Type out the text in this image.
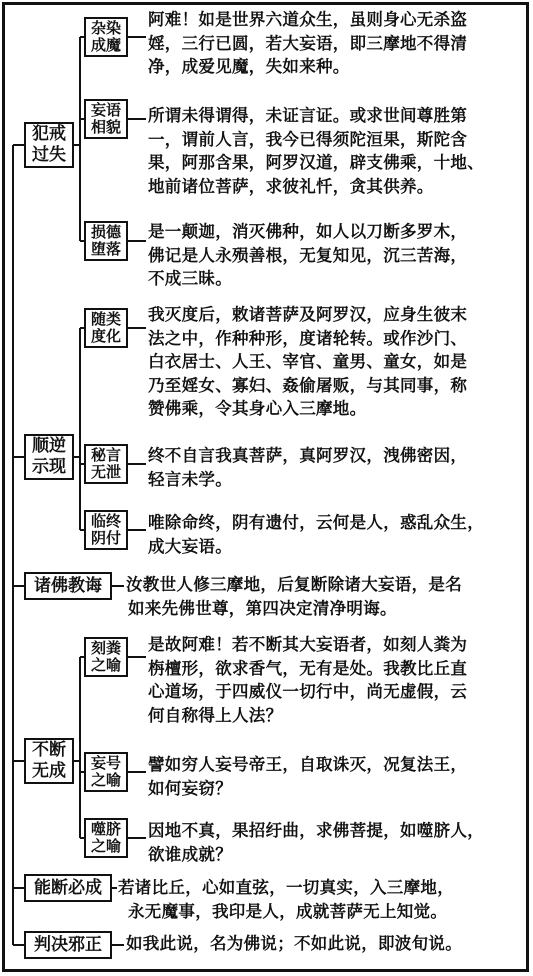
犯戒
过失
杂染
成魔
阿难！如是世界六道众生，虽则身心无杀盗
婬，三行已圆，若大妄语，即三摩地不得清
净，成爱见魔，失如来种。
妄语
相貌
所谓未得谓得，未证言证。或求世间尊胜第
一，谓前人言，我今已得须陀洹果，斯陀含
果，阿那含果，阿罗汉道，辟支佛乘，十地、
地前诸位菩萨，求彼礼忏，贪其供养。
损德
堕落
是一颠迦，消灭佛种，如人以刀断多罗木，
佛记是人永殒善根，无复知见，沉三苦海，
不成三昧。
顺逆
示现
随类
度化
我灭度后，敕诸菩萨及阿罗汉，应身生彼末
法之中，作种种形，度诸轮转。或作沙门、
白衣居士、人王、宰官、童男、童女，如是
乃至婬女、寡妇、姦偷屠贩，与其同事，称
赞佛乘，令其身心入三摩地。
秘言
无泄
终不自言我真菩萨，真阿罗汉，洩佛密因，
轻言未学。
临终
阴付
唯除命终，阴有遗付，云何是人，惑乱众生，
成大妄语。
诸佛教诲 汝教世人修三摩地，后复断除诸大妄语，是名
如来先佛世尊，第四决定清净明诲。
不断
无成
刻粪
之喻
是故阿难！若不断其大妄语者，如刻人粪为
栴檀形，欲求香气，无有是处。我教比丘直
心道场，于四威仪一切行中，尚无虚假，云
何自称得上人法？
妄号
之喻
譬如穷人妄号帝王，自取诛灭，况复法王，
如何妄窃？
噬脐
之喻
因地不真，果招纡曲，求佛菩提，如噬脐人，
欲谁成就？
能断必成 若诸比丘，心如直弦，一切真实，入三摩地，
永无魔事，我印是人，成就菩萨无上知觉。
判决邪正 如我此说，名为佛说；不如此说，即波旬说。
